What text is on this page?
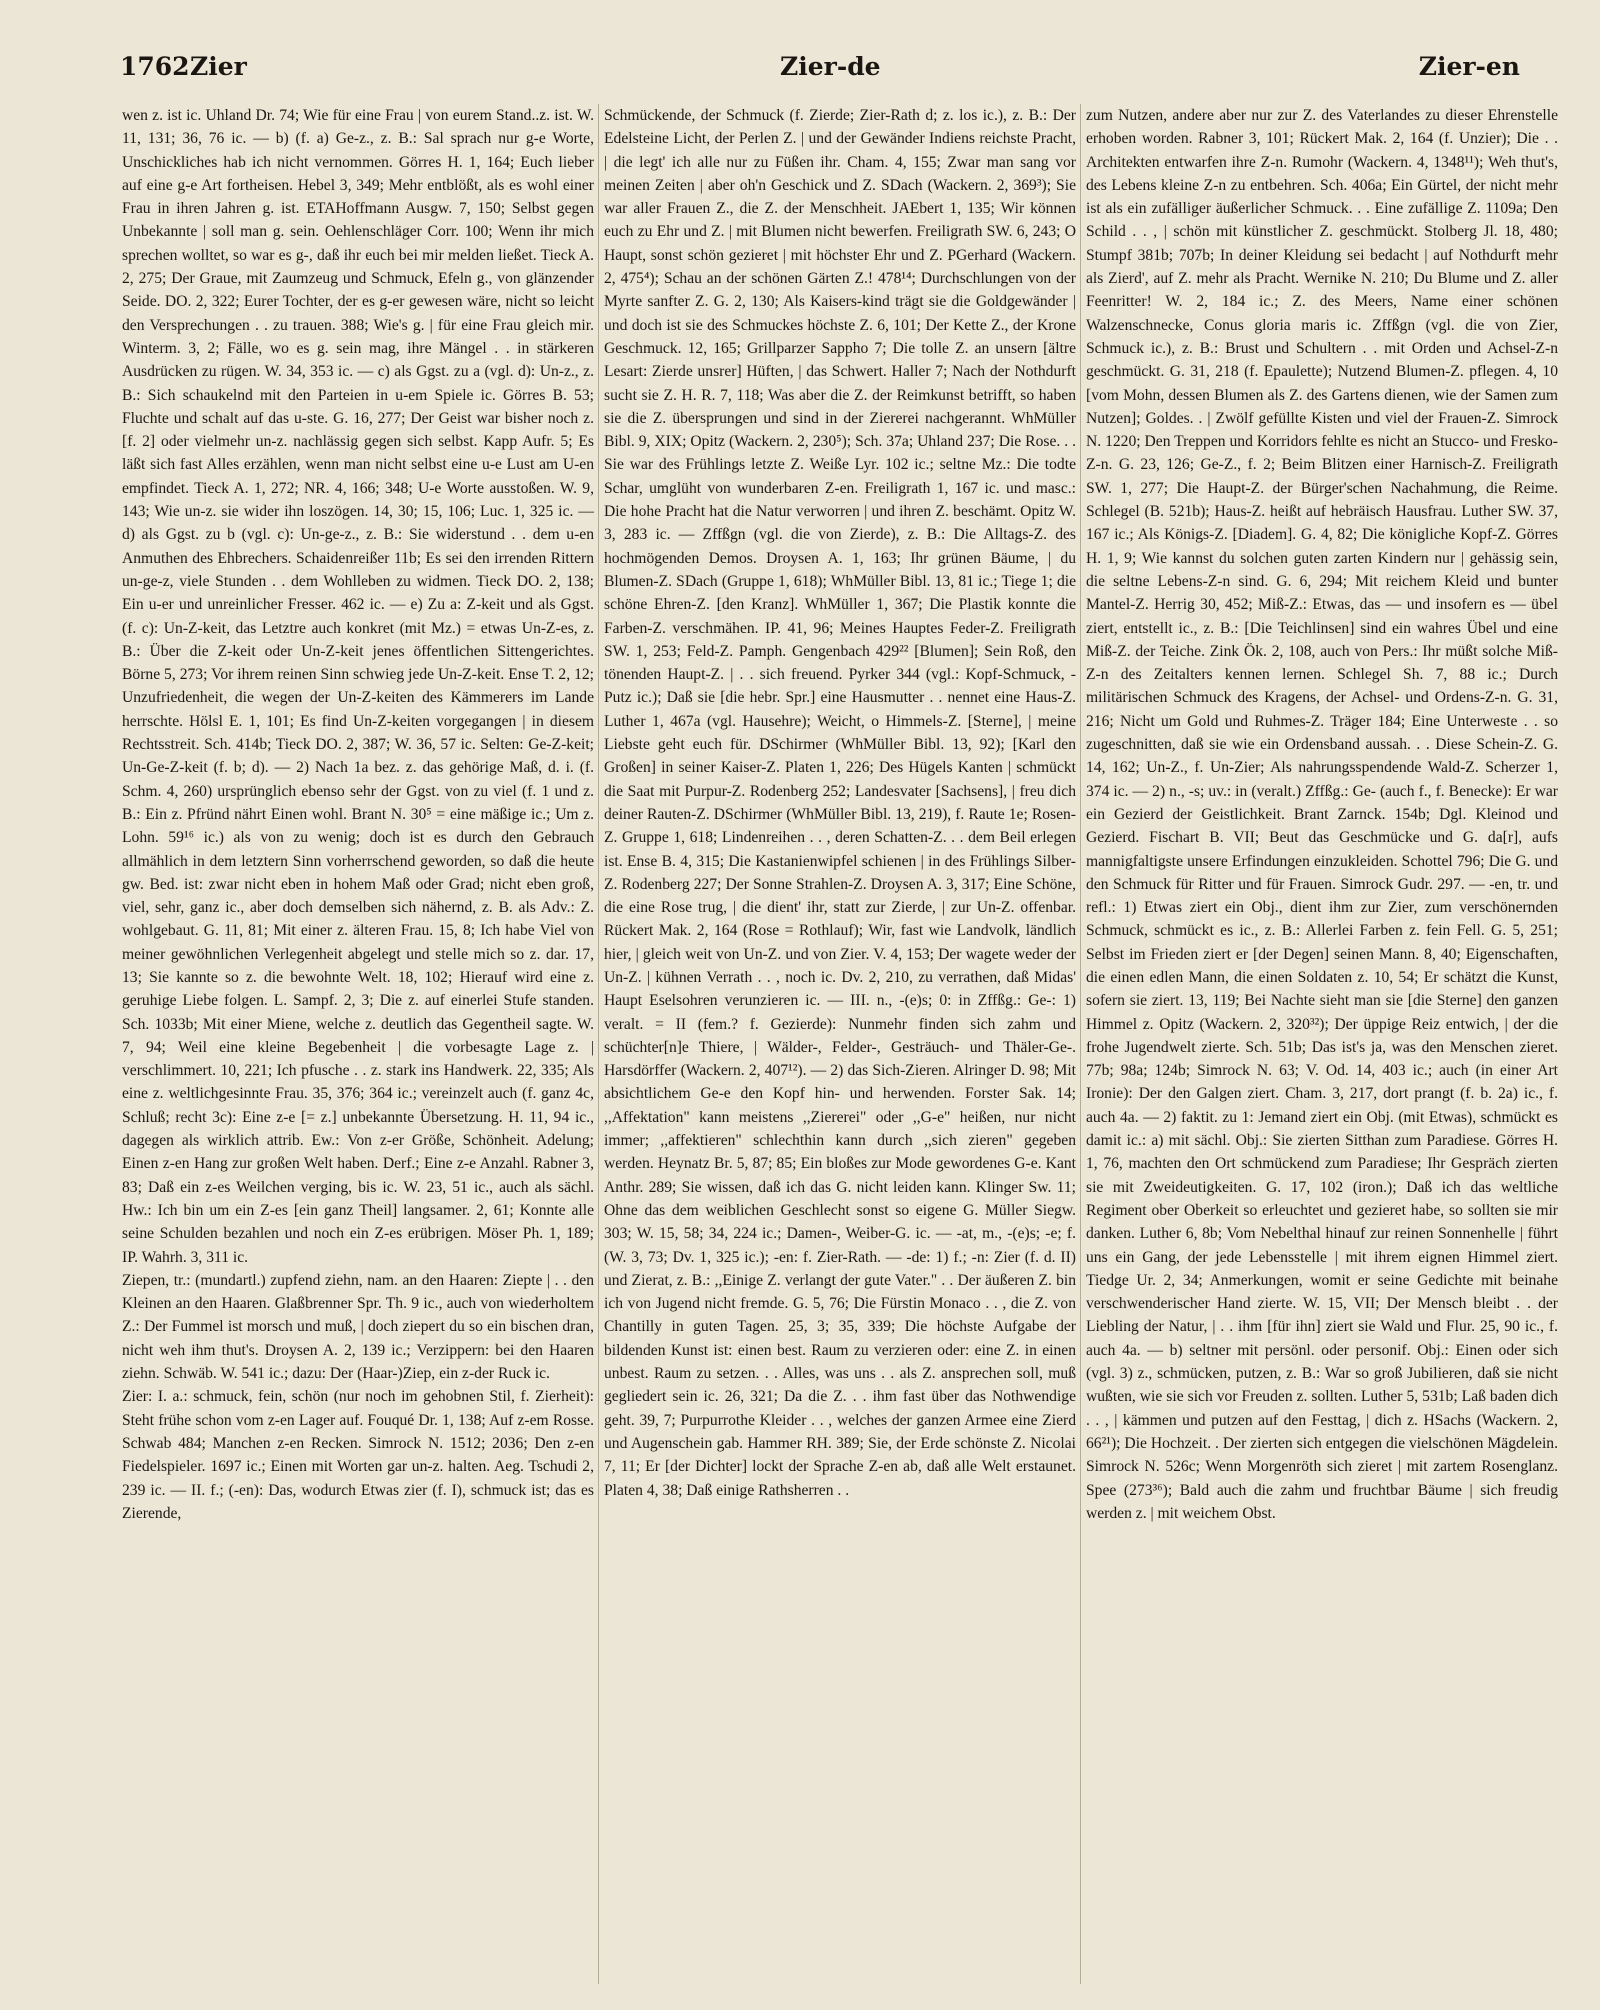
1762 Zier	Zier-de	Zier-en

wen z. ist ic. Uhland Dr. 74; Wie für eine Frau | von eurem Stand..z. ist. W. 11, 131; 36, 76 ic. — b) (f. a) Ge-z., z. B.: Sal sprach nur g-e Worte, Unschickliches hab ich nicht vernommen. Görres H. 1, 164; Euch lieber auf eine g-e Art fortheisen. Hebel 3, 349; Mehr entblößt, als es wohl einer Frau in ihren Jahren g. ist. ETAHoffmann Ausgw. 7, 150; Selbst gegen Unbekannte | soll man g. sein. Oehlenschläger Corr. 100; Wenn ihr mich sprechen wolltet, so war es g-, daß ihr euch bei mir melden ließet. Tieck A. 2, 275; Der Graue, mit Zaumzeug und Schmuck, Efeln g., von glänzender Seide. DO. 2, 322; Eurer Tochter, der es g-er gewesen wäre, nicht so leicht den Versprechungen . . zu trauen. 388; Wie's g. | für eine Frau gleich mir. Winterm. 3, 2; Fälle, wo es g. sein mag, ihre Mängel . . in stärkeren Ausdrücken zu rügen. W. 34, 353 ic. — c) als Ggst. zu a (vgl. d): Un-z., z. B.: Sich schaukelnd mit den Parteien in u-em Spiele ic. Görres B. 53; Fluchte und schalt auf das u-ste. G. 16, 277; Der Geist war bisher noch z. [f. 2] oder vielmehr un-z. nachlässig gegen sich selbst. Kapp Aufr. 5; Es läßt sich fast Alles erzählen, wenn man nicht selbst eine u-e Lust am U-en empfindet. Tieck A. 1, 272; NR. 4, 166; 348; U-e Worte ausstoßen. W. 9, 143; Wie un-z. sie wider ihn loszögen. 14, 30; 15, 106; Luc. 1, 325 ic. — d) als Ggst. zu b (vgl. c): Un-ge-z., z. B.: Sie widerstund . . dem u-en Anmuthen des Ehbrechers. Schaidenreißer 11b; Es sei den irrenden Rittern un-ge-z, viele Stunden . . dem Wohlleben zu widmen. Tieck DO. 2, 138; Ein u-er und unreinlicher Fresser. 462 ic. — e) Zu a: Z-keit und als Ggst. (f. c): Un-Z-keit, das Letztre auch konkret (mit Mz.) = etwas Un-Z-es, z. B.: Über die Z-keit oder Un-Z-keit jenes öffentlichen Sittengerichtes. Börne 5, 273; Vor ihrem reinen Sinn schwieg jede Un-Z-keit. Ense T. 2, 12; Unzufriedenheit, die wegen der Un-Z-keiten des Kämmerers im Lande herrschte. Hölsl E. 1, 101; Es find Un-Z-keiten vorgegangen | in diesem Rechtsstreit. Sch. 414b; Tieck DO. 2, 387; W. 36, 57 ic. Selten: Ge-Z-keit; Un-Ge-Z-keit (f. b; d). — 2) Nach 1a bez. z. das gehörige Maß, d. i. (f. Schm. 4, 260) ursprünglich ebenso sehr der Ggst. von zu viel (f. 1 und z. B.: Ein z. Pfründ nährt Einen wohl. Brant N. 30⁵ = eine mäßige ic.; Um z. Lohn. 59¹⁶ ic.) als von zu wenig; doch ist es durch den Gebrauch allmählich in dem letztern Sinn vorherrschend geworden, so daß die heute gw. Bed. ist: zwar nicht eben in hohem Maß oder Grad; nicht eben groß, viel, sehr, ganz ic., aber doch demselben sich nähernd, z. B. als Adv.: Z. wohlgebaut. G. 11, 81; Mit einer z. älteren Frau. 15, 8; Ich habe Viel von meiner gewöhnlichen Verlegenheit abgelegt und stelle mich so z. dar. 17, 13; Sie kannte so z. die bewohnte Welt. 18, 102; Hierauf wird eine z. geruhige Liebe folgen. L. Sampf. 2, 3; Die z. auf einerlei Stufe standen. Sch. 1033b; Mit einer Miene, welche z. deutlich das Gegentheil sagte. W. 7, 94; Weil eine kleine Begebenheit | die vorbesagte Lage z. | verschlimmert. 10, 221; Ich pfusche . . z. stark ins Handwerk. 22, 335; Als eine z. weltlichgesinnte Frau. 35, 376; 364 ic.; vereinzelt auch (f. ganz 4c, Schluß; recht 3c): Eine z-e [= z.] unbekannte Übersetzung. H. 11, 94 ic., dagegen als wirklich attrib. Ew.: Von z-er Größe, Schönheit. Adelung; Einen z-en Hang zur großen Welt haben. Derf.; Eine z-e Anzahl. Rabner 3, 83; Daß ein z-es Weilchen verging, bis ic. W. 23, 51 ic., auch als sächl. Hw.: Ich bin um ein Z-es [ein ganz Theil] langsamer. 2, 61; Konnte alle seine Schulden bezahlen und noch ein Z-es erübrigen. Möser Ph. 1, 189; IP. Wahrh. 3, 311 ic.

Ziepen, tr.: (mundartl.) zupfend ziehn, nam. an den Haaren: Ziepte | . . den Kleinen an den Haaren. Glaßbrenner Spr. Th. 9 ic., auch von wiederholtem Z.: Der Fummel ist morsch und muß, | doch ziepert du so ein bischen dran, nicht weh ihm thut's. Droysen A. 2, 139 ic.; Verzippern: bei den Haaren ziehn. Schwäb. W. 541 ic.; dazu: Der (Haar-)Ziep, ein z-der Ruck ic.

Zier: I. a.: schmuck, fein, schön (nur noch im gehobnen Stil, f. Zierheit): Steht frühe schon vom z-en Lager auf. Fouqué Dr. 1, 138; Auf z-em Rosse. Schwab 484; Manchen z-en Recken. Simrock N. 1512; 2036; Den z-en Fiedelspieler. 1697 ic.; Einen mit Worten gar un-z. halten. Aeg. Tschudi 2, 239 ic. — II. f.; (-en): Das, wodurch Etwas zier (f. I), schmuck ist; das es Zierende,

Schmückende, der Schmuck (f. Zierde; Zier-Rath d; z. los ic.), z. B.: Der Edelsteine Licht, der Perlen Z. | und der Gewänder Indiens reichste Pracht, | die legt' ich alle nur zu Füßen ihr. Cham. 4, 155; Zwar man sang vor meinen Zeiten | aber oh'n Geschick und Z. SDach (Wackern. 2, 369³); Sie war aller Frauen Z., die Z. der Menschheit. JAEbert 1, 135; Wir können euch zu Ehr und Z. | mit Blumen nicht bewerfen. Freiligrath SW. 6, 243; O Haupt, sonst schön gezieret | mit höchster Ehr und Z. PGerhard (Wackern. 2, 475⁴); Schau an der schönen Gärten Z.! 478¹⁴; Durchschlungen von der Myrte sanfter Z. G. 2, 130; Als Kaisers-kind trägt sie die Goldgewänder | und doch ist sie des Schmuckes höchste Z. 6, 101; Der Kette Z., der Krone Geschmuck. 12, 165; Grillparzer Sappho 7; Die tolle Z. an unsern [ältre Lesart: Zierde unsrer] Hüften, | das Schwert. Haller 7; Nach der Nothdurft sucht sie Z. H. R. 7, 118; Was aber die Z. der Reimkunst betrifft, so haben sie die Z. übersprungen und sind in der Ziererei nachgerannt. WhMüller Bibl. 9, XIX; Opitz (Wackern. 2, 230⁵); Sch. 37a; Uhland 237; Die Rose. . . Sie war des Frühlings letzte Z. Weiße Lyr. 102 ic.; seltne Mz.: Die todte Schar, umglüht von wunderbaren Z-en. Freiligrath 1, 167 ic. und masc.: Die hohe Pracht hat die Natur verworren | und ihren Z. beschämt. Opitz W. 3, 283 ic. — Zffßgn (vgl. die von Zierde), z. B.: Die Alltags-Z. des hochmögenden Demos. Droysen A. 1, 163; Ihr grünen Bäume, | du Blumen-Z. SDach (Gruppe 1, 618); WhMüller Bibl. 13, 81 ic.; Tiege 1; die schöne Ehren-Z. [den Kranz]. WhMüller 1, 367; Die Plastik konnte die Farben-Z. verschmähen. IP. 41, 96; Meines Hauptes Feder-Z. Freiligrath SW. 1, 253; Feld-Z. Pamph. Gengenbach 429²² [Blumen]; Sein Roß, den tönenden Haupt-Z. | . . sich freuend. Pyrker 344 (vgl.: Kopf-Schmuck, -Putz ic.); Daß sie [die hebr. Spr.] eine Hausmutter . . nennet eine Haus-Z. Luther 1, 467a (vgl. Hausehre); Weicht, o Himmels-Z. [Sterne], | meine Liebste geht euch für. DSchirmer (WhMüller Bibl. 13, 92); [Karl den Großen] in seiner Kaiser-Z. Platen 1, 226; Des Hügels Kanten | schmückt die Saat mit Purpur-Z. Rodenberg 252; Landesvater [Sachsens], | freu dich deiner Rauten-Z. DSchirmer (WhMüller Bibl. 13, 219), f. Raute 1e; Rosen-Z. Gruppe 1, 618; Lindenreihen . . , deren Schatten-Z. . . dem Beil erlegen ist. Ense B. 4, 315; Die Kastanienwipfel schienen | in des Frühlings Silber-Z. Rodenberg 227; Der Sonne Strahlen-Z. Droysen A. 3, 317; Eine Schöne, die eine Rose trug, | die dient' ihr, statt zur Zierde, | zur Un-Z. offenbar. Rückert Mak. 2, 164 (Rose = Rothlauf); Wir, fast wie Landvolk, ländlich hier, | gleich weit von Un-Z. und von Zier. V. 4, 153; Der wagete weder der Un-Z. | kühnen Verrath . . , noch ic. Dv. 2, 210, zu verrathen, daß Midas' Haupt Eselsohren verunzieren ic. — III. n., -(e)s; 0: in Zffßg.: Ge-: 1) veralt. = II (fem.? f. Gezierde): Nunmehr finden sich zahm und schüchter[n]e Thiere, | Wälder-, Felder-, Gesträuch- und Thäler-Ge-. Harsdörffer (Wackern. 2, 407¹²). — 2) das Sich-Zieren. Alringer D. 98; Mit absichtlichem Ge-e den Kopf hin- und herwenden. Forster Sak. 14; ,,Affektation" kann meistens ,,Ziererei" oder ,,G-e" heißen, nur nicht immer; ,,affektieren" schlechthin kann durch ,,sich zieren" gegeben werden. Heynatz Br. 5, 87; 85; Ein bloßes zur Mode gewordenes G-e. Kant Anthr. 289; Sie wissen, daß ich das G. nicht leiden kann. Klinger Sw. 11; Ohne das dem weiblichen Geschlecht sonst so eigene G. Müller Siegw. 303; W. 15, 58; 34, 224 ic.; Damen-, Weiber-G. ic. — -at, m., -(e)s; -e; f. (W. 3, 73; Dv. 1, 325 ic.); -en: f. Zier-Rath. — -de: 1) f.; -n: Zier (f. d. II) und Zierat, z. B.: ,,Einige Z. verlangt der gute Vater." . . Der äußeren Z. bin ich von Jugend nicht fremde. G. 5, 76; Die Fürstin Monaco . . , die Z. von Chantilly in guten Tagen. 25, 3; 35, 339; Die höchste Aufgabe der bildenden Kunst ist: einen best. Raum zu verzieren oder: eine Z. in einen unbest. Raum zu setzen. . . Alles, was uns . . als Z. ansprechen soll, muß gegliedert sein ic. 26, 321; Da die Z. . . ihm fast über das Nothwendige geht. 39, 7; Purpurrothe Kleider . . , welches der ganzen Armee eine Zierd und Augenschein gab. Hammer RH. 389; Sie, der Erde schönste Z. Nicolai 7, 11; Er [der Dichter] lockt der Sprache Z-en ab, daß alle Welt erstaunet. Platen 4, 38; Daß einige Rathsherren . .

zum Nutzen, andere aber nur zur Z. des Vaterlandes zu dieser Ehrenstelle erhoben worden. Rabner 3, 101; Rückert Mak. 2, 164 (f. Unzier); Die . . Architekten entwarfen ihre Z-n. Rumohr (Wackern. 4, 1348¹¹); Weh thut's, des Lebens kleine Z-n zu entbehren. Sch. 406a; Ein Gürtel, der nicht mehr ist als ein zufälliger äußerlicher Schmuck. . . Eine zufällige Z. 1109a; Den Schild . . , | schön mit künstlicher Z. geschmückt. Stolberg Jl. 18, 480; Stumpf 381b; 707b; In deiner Kleidung sei bedacht | auf Nothdurft mehr als Zierd', auf Z. mehr als Pracht. Wernike N. 210; Du Blume und Z. aller Feenritter! W. 2, 184 ic.; Z. des Meers, Name einer schönen Walzenschnecke, Conus gloria maris ic. Zffßgn (vgl. die von Zier, Schmuck ic.), z. B.: Brust und Schultern . . mit Orden und Achsel-Z-n geschmückt. G. 31, 218 (f. Epaulette); Nutzend Blumen-Z. pflegen. 4, 10 [vom Mohn, dessen Blumen als Z. des Gartens dienen, wie der Samen zum Nutzen]; Goldes. . | Zwölf gefüllte Kisten und viel der Frauen-Z. Simrock N. 1220; Den Treppen und Korridors fehlte es nicht an Stucco- und Fresko-Z-n. G. 23, 126; Ge-Z., f. 2; Beim Blitzen einer Harnisch-Z. Freiligrath SW. 1, 277; Die Haupt-Z. der Bürger'schen Nachahmung, die Reime. Schlegel (B. 521b); Haus-Z. heißt auf hebräisch Hausfrau. Luther SW. 37, 167 ic.; Als Königs-Z. [Diadem]. G. 4, 82; Die königliche Kopf-Z. Görres H. 1, 9; Wie kannst du solchen guten zarten Kindern nur | gehässig sein, die seltne Lebens-Z-n sind. G. 6, 294; Mit reichem Kleid und bunter Mantel-Z. Herrig 30, 452; Miß-Z.: Etwas, das — und insofern es — übel ziert, entstellt ic., z. B.: [Die Teichlinsen] sind ein wahres Übel und eine Miß-Z. der Teiche. Zink Ök. 2, 108, auch von Pers.: Ihr müßt solche Miß-Z-n des Zeitalters kennen lernen. Schlegel Sh. 7, 88 ic.; Durch militärischen Schmuck des Kragens, der Achsel- und Ordens-Z-n. G. 31, 216; Nicht um Gold und Ruhmes-Z. Träger 184; Eine Unterweste . . so zugeschnitten, daß sie wie ein Ordensband aussah. . . Diese Schein-Z. G. 14, 162; Un-Z., f. Un-Zier; Als nahrungsspendende Wald-Z. Scherzer 1, 374 ic. — 2) n., -s; uv.: in (veralt.) Zffßg.: Ge- (auch f., f. Benecke): Er war ein Gezierd der Geistlichkeit. Brant Zarnck. 154b; Dgl. Kleinod und Gezierd. Fischart B. VII; Beut das Geschmücke und G. da[r], aufs mannigfaltigste unsere Erfindungen einzukleiden. Schottel 796; Die G. und den Schmuck für Ritter und für Frauen. Simrock Gudr. 297. — -en, tr. und refl.: 1) Etwas ziert ein Obj., dient ihm zur Zier, zum verschönernden Schmuck, schmückt es ic., z. B.: Allerlei Farben z. fein Fell. G. 5, 251; Selbst im Frieden ziert er [der Degen] seinen Mann. 8, 40; Eigenschaften, die einen edlen Mann, die einen Soldaten z. 10, 54; Er schätzt die Kunst, sofern sie ziert. 13, 119; Bei Nachte sieht man sie [die Sterne] den ganzen Himmel z. Opitz (Wackern. 2, 320³²); Der üppige Reiz entwich, | der die frohe Jugendwelt zierte. Sch. 51b; Das ist's ja, was den Menschen zieret. 77b; 98a; 124b; Simrock N. 63; V. Od. 14, 403 ic.; auch (in einer Art Ironie): Der den Galgen ziert. Cham. 3, 217, dort prangt (f. b. 2a) ic., f. auch 4a. — 2) faktit. zu 1: Jemand ziert ein Obj. (mit Etwas), schmückt es damit ic.: a) mit sächl. Obj.: Sie zierten Sitthan zum Paradiese. Görres H. 1, 76, machten den Ort schmückend zum Paradiese; Ihr Gespräch zierten sie mit Zweideutigkeiten. G. 17, 102 (iron.); Daß ich das weltliche Regiment ober Oberkeit so erleuchtet und gezieret habe, so sollten sie mir danken. Luther 6, 8b; Vom Nebelthal hinauf zur reinen Sonnenhelle | führt uns ein Gang, der jede Lebensstelle | mit ihrem eignen Himmel ziert. Tiedge Ur. 2, 34; Anmerkungen, womit er seine Gedichte mit beinahe verschwenderischer Hand zierte. W. 15, VII; Der Mensch bleibt . . der Liebling der Natur, | . . ihm [für ihn] ziert sie Wald und Flur. 25, 90 ic., f. auch 4a. — b) seltner mit persönl. oder personif. Obj.: Einen oder sich (vgl. 3) z., schmücken, putzen, z. B.: War so groß Jubilieren, daß sie nicht wußten, wie sie sich vor Freuden z. sollten. Luther 5, 531b; Laß baden dich . . , | kämmen und putzen auf den Festtag, | dich z. HSachs (Wackern. 2, 66²¹); Die Hochzeit. . Der zierten sich entgegen die vielschönen Mägdelein. Simrock N. 526c; Wenn Morgenröth sich zieret | mit zartem Rosenglanz. Spee (273³⁶); Bald auch die zahm und fruchtbar Bäume | sich freudig werden z. | mit weichem Obst.
